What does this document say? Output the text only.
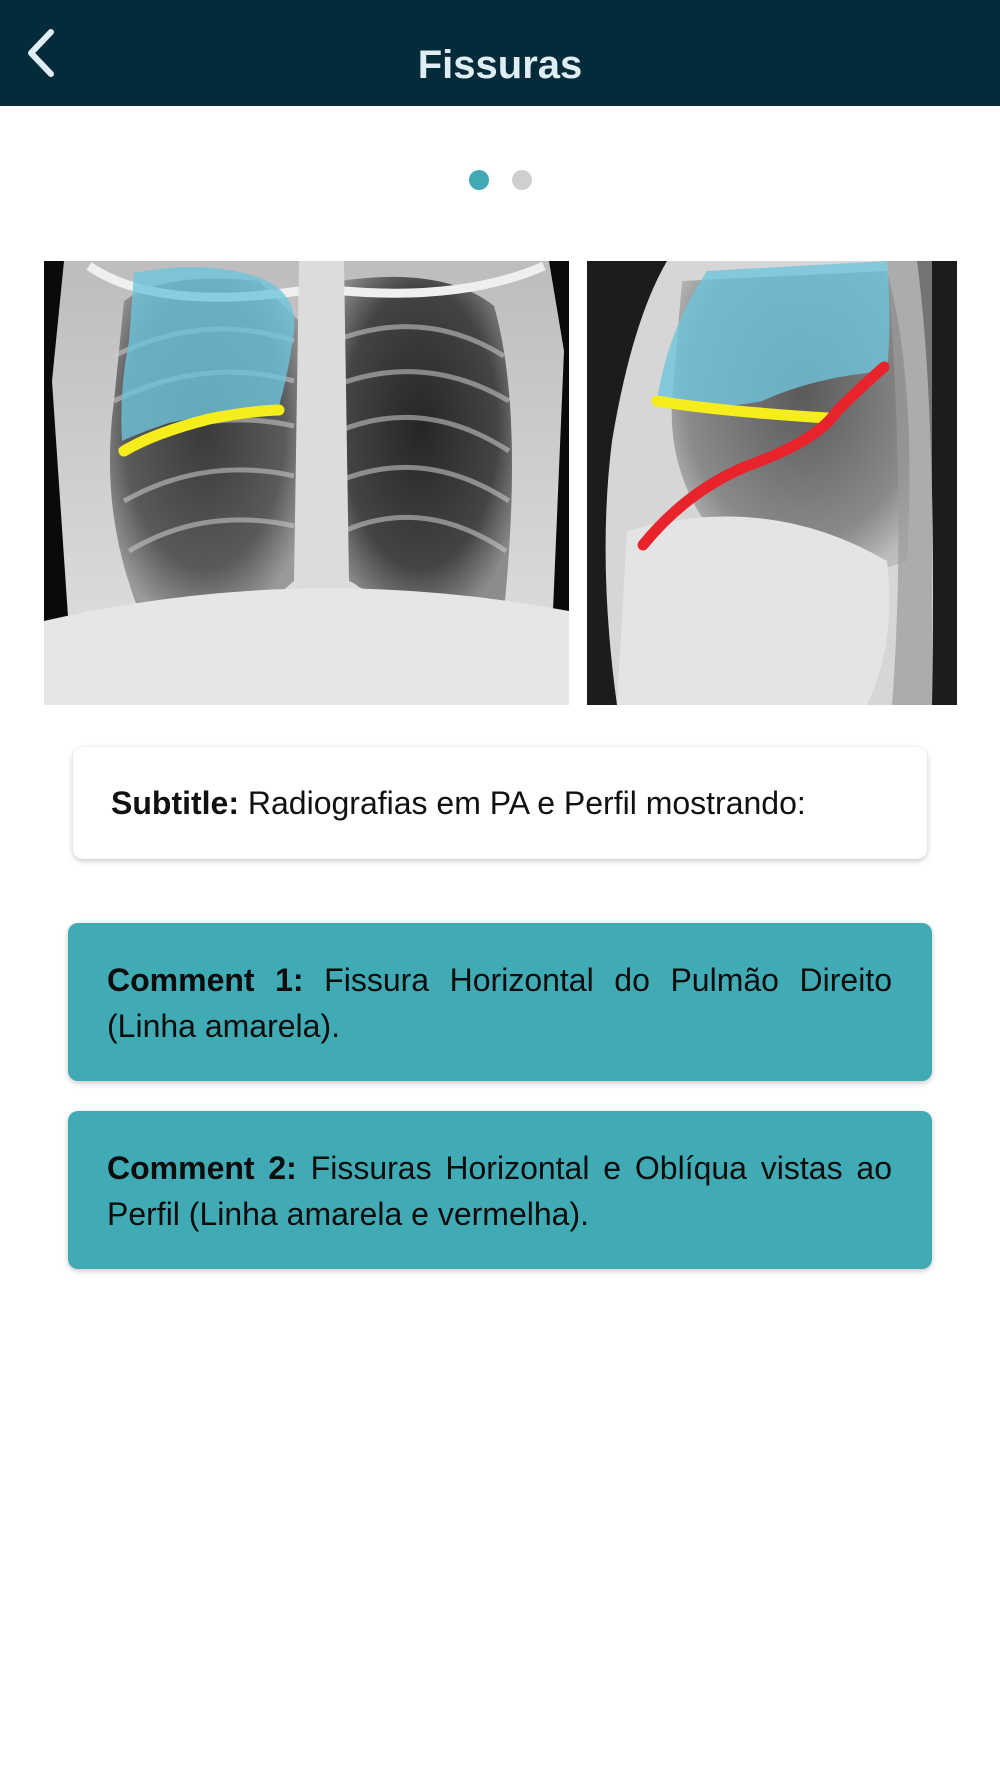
Fissuras
Subtitle: Radiografias em PA e Perfil mostrando:
Comment 1: Fissura Horizontal do Pulmão Direito (Linha amarela).
Comment 2: Fissuras Horizontal e Oblíqua vistas ao Perfil (Linha amarela e vermelha).
